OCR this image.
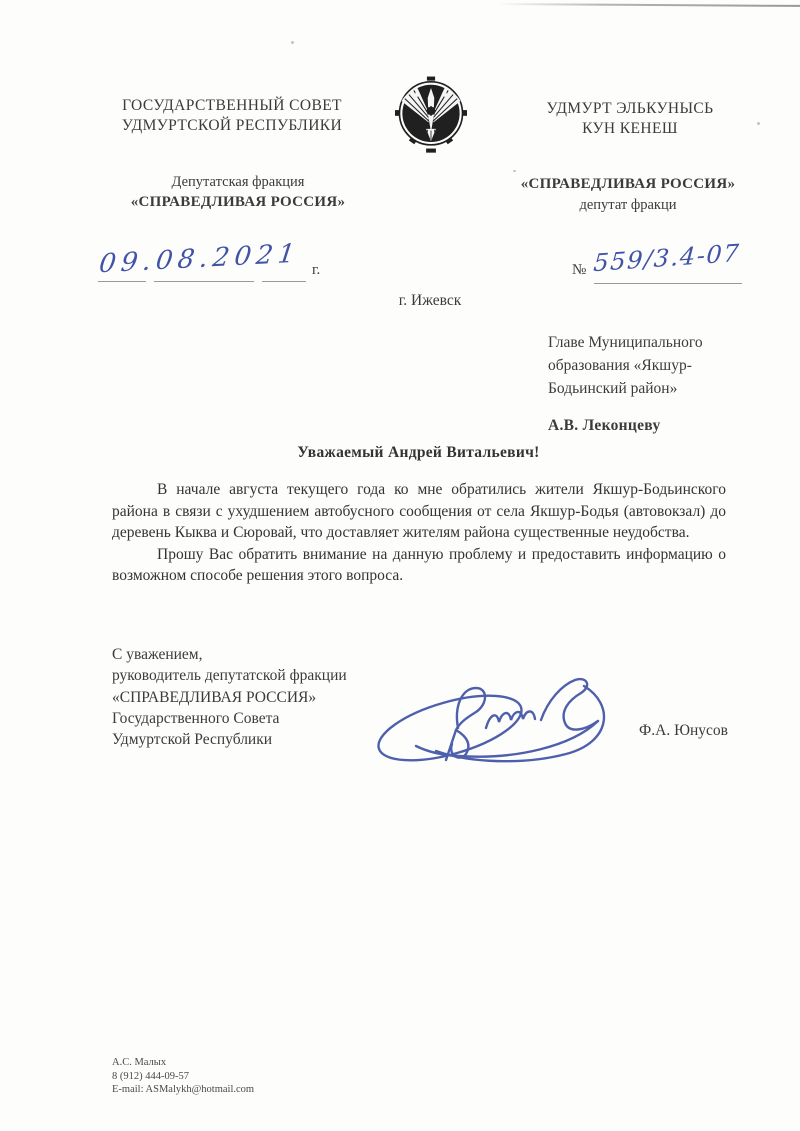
ГОСУДАРСТВЕННЫЙ СОВЕТ
УДМУРТСКОЙ РЕСПУБЛИКИ
УДМУРТ ЭЛЬКУНЫСЬ
КУН КЕНЕШ
Депутатская фракция
«СПРАВЕДЛИВАЯ РОССИЯ»
«СПРАВЕДЛИВАЯ РОССИЯ»
депутат фракци
09.08.2021 г.	№ 559/3.4-07
г. Ижевск
Главе Муниципального
образования «Якшур-
Бодьинский район»
А.В. Леконцеву
Уважаемый Андрей Витальевич!

В начале августа текущего года ко мне обратились жители Якшур-Бодьинского района в связи с ухудшением автобусного сообщения от села Якшур-Бодья (автовокзал) до деревень Кыква и Сюровай, что доставляет жителям района существенные неудобства.

Прошу Вас обратить внимание на данную проблему и предоставить информацию о возможном способе решения этого вопроса.

С уважением,
руководитель депутатской фракции
«СПРАВЕДЛИВАЯ РОССИЯ»
Государственного Совета
Удмуртской Республики
Ф.А. Юнусов
А.С. Малых
8 (912) 444-09-57
E-mail: ASMalykh@hotmail.com
